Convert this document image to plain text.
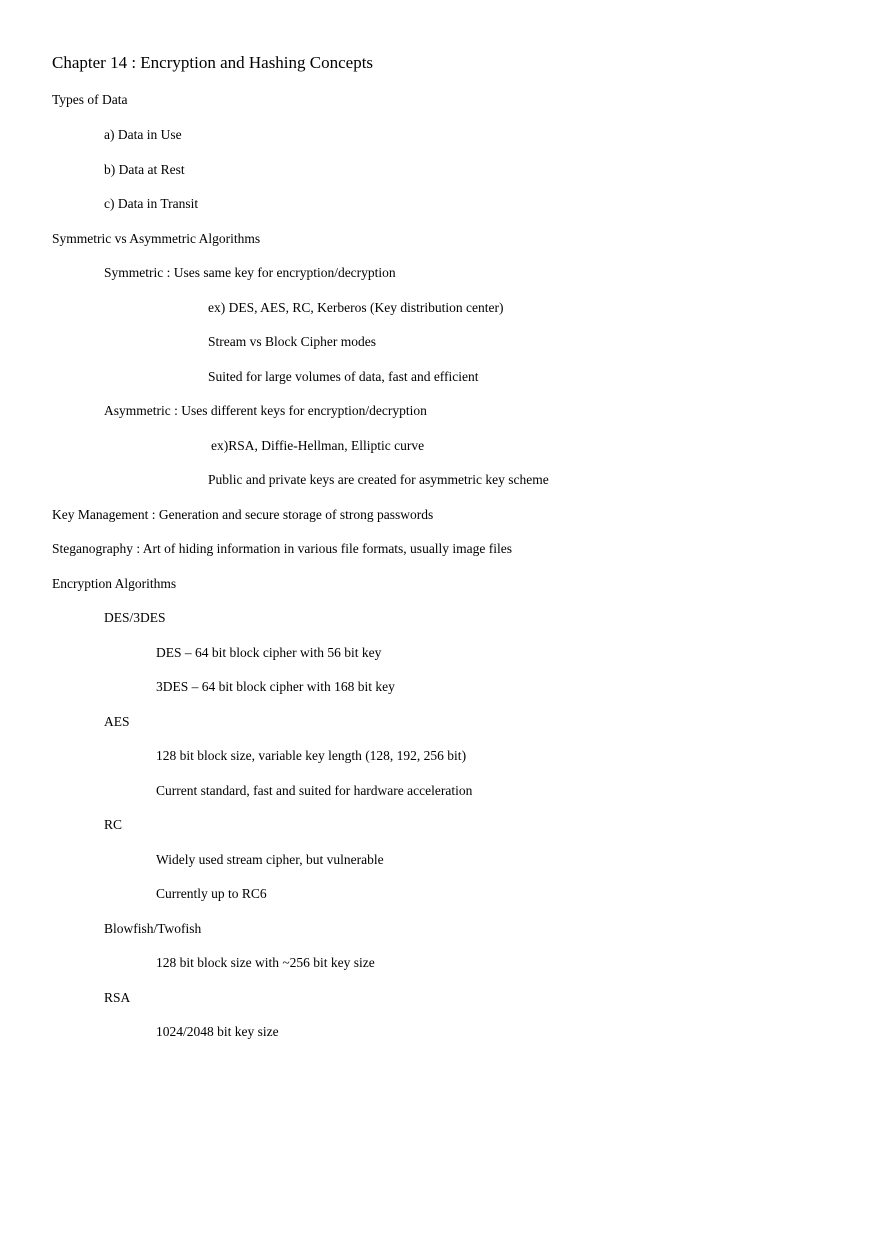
Chapter 14 : Encryption and Hashing Concepts
Types of Data
a) Data in Use
b) Data at Rest
c) Data in Transit
Symmetric vs Asymmetric Algorithms
Symmetric : Uses same key for encryption/decryption
ex) DES, AES, RC, Kerberos (Key distribution center)
Stream vs Block Cipher modes
Suited for large volumes of data, fast and efficient
Asymmetric : Uses different keys for encryption/decryption
ex)RSA, Diffie-Hellman, Elliptic curve
Public and private keys are created for asymmetric key scheme
Key Management : Generation and secure storage of strong passwords
Steganography : Art of hiding information in various file formats, usually image files
Encryption Algorithms
DES/3DES
DES – 64 bit block cipher with 56 bit key
3DES – 64 bit block cipher with 168 bit key
AES
128 bit block size, variable key length (128, 192, 256 bit)
Current standard, fast and suited for hardware acceleration
RC
Widely used stream cipher, but vulnerable
Currently up to RC6
Blowfish/Twofish
128 bit block size with ~256 bit key size
RSA
1024/2048 bit key size
